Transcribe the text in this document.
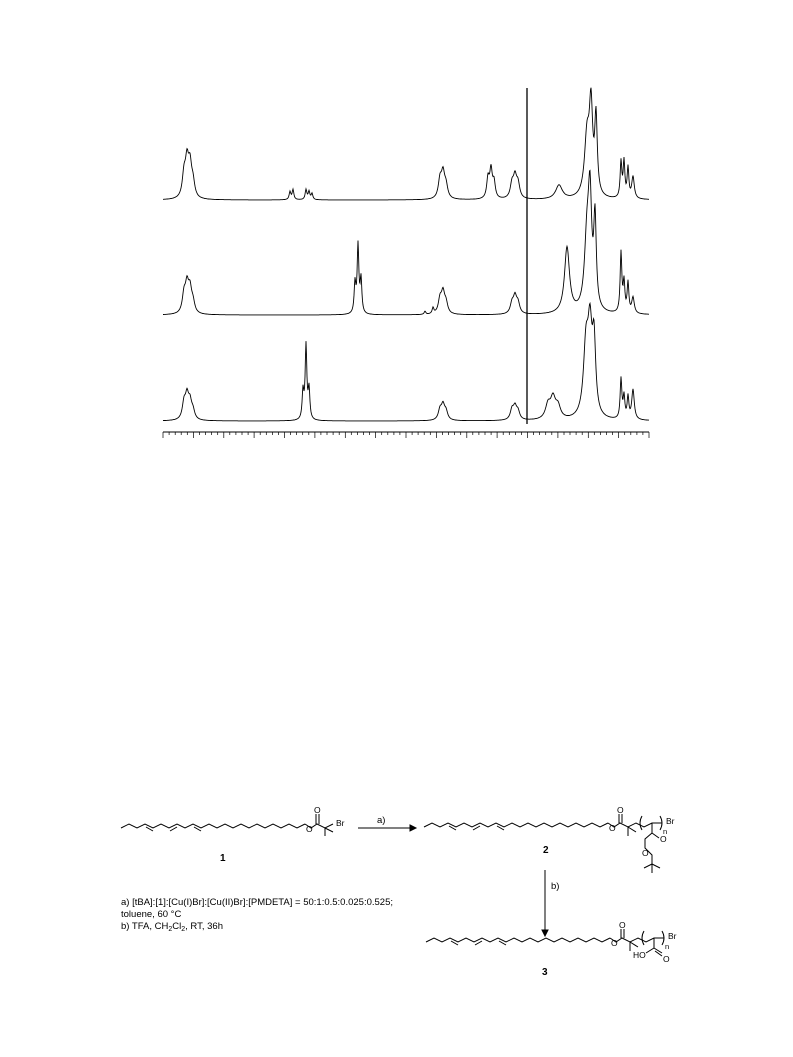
O
O
Br	O
O
Br
n
O
O
O
O
Br
n
HO O
a)
b)
1
2
3
a) [tBA]:[1]:[Cu(I)Br]:[Cu(II)Br]:[PMDETA] = 50:1:0.5:0.025:0.525;
toluene, 60 °C
b) TFA, $CH_2Cl_2$, RT, 36h
